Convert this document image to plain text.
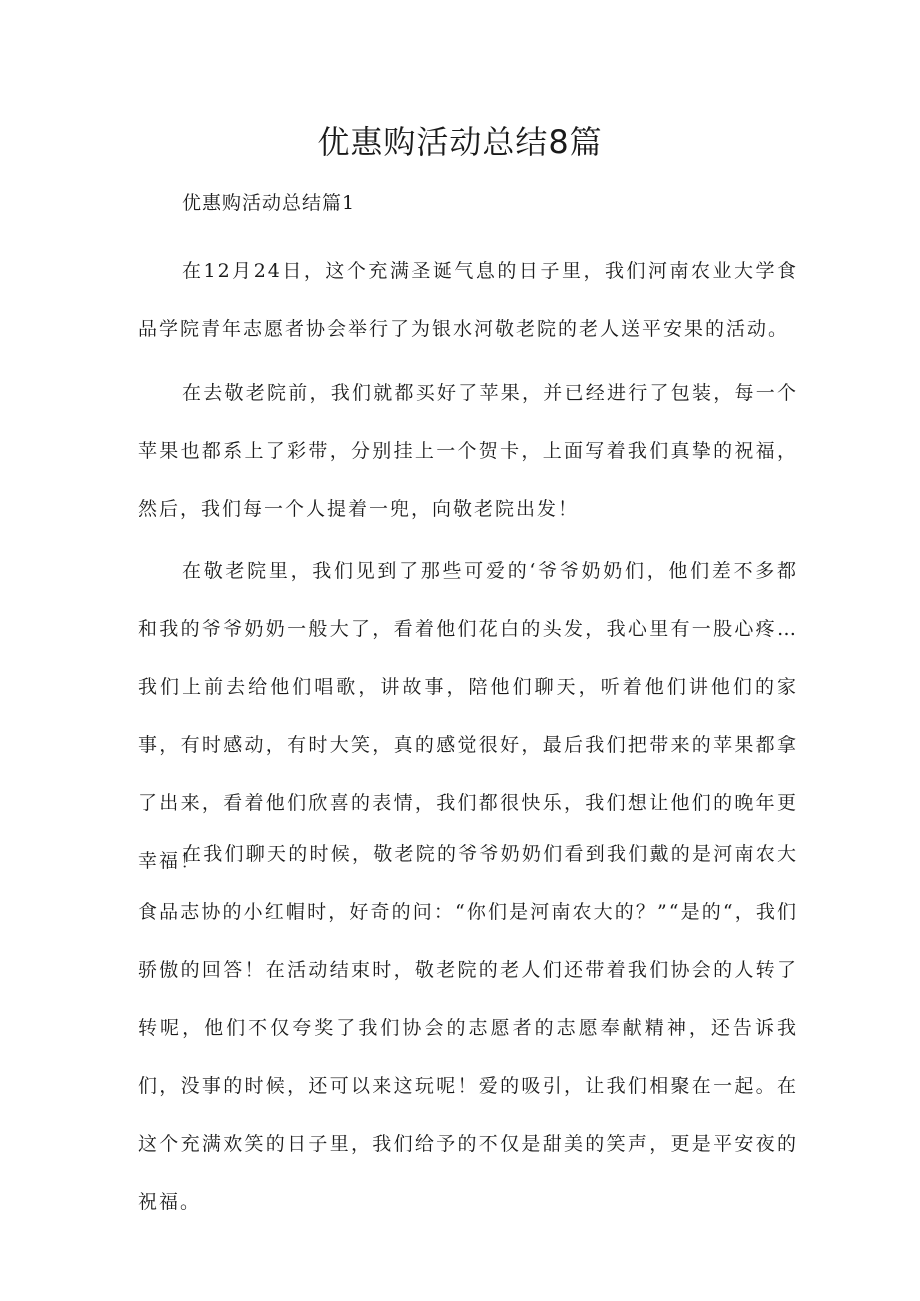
优惠购活动总结8篇
优惠购活动总结篇1

在12月24日，这个充满圣诞气息的日子里，我们河南农业大学食品学院青年志愿者协会举行了为银水河敬老院的老人送平安果的活动。

在去敬老院前，我们就都买好了苹果，并已经进行了包装，每一个苹果也都系上了彩带，分别挂上一个贺卡，上面写着我们真挚的祝福，然后，我们每一个人提着一兜，向敬老院出发！

在敬老院里，我们见到了那些可爱的‘爷爷奶奶们，他们差不多都和我的爷爷奶奶一般大了，看着他们花白的头发，我心里有一股心疼…我们上前去给他们唱歌，讲故事，陪他们聊天，听着他们讲他们的家事，有时感动，有时大笑，真的感觉很好，最后我们把带来的苹果都拿了出来，看着他们欣喜的表情，我们都很快乐，我们想让他们的晚年更幸福！

在我们聊天的时候，敬老院的爷爷奶奶们看到我们戴的是河南农大食品志协的小红帽时，好奇的问：“你们是河南农大的？”“是的“，我们骄傲的回答！在活动结束时，敬老院的老人们还带着我们协会的人转了转呢，他们不仅夸奖了我们协会的志愿者的志愿奉献精神，还告诉我们，没事的时候，还可以来这玩呢！爱的吸引，让我们相聚在一起。在这个充满欢笑的日子里，我们给予的不仅是甜美的笑声，更是平安夜的祝福。
